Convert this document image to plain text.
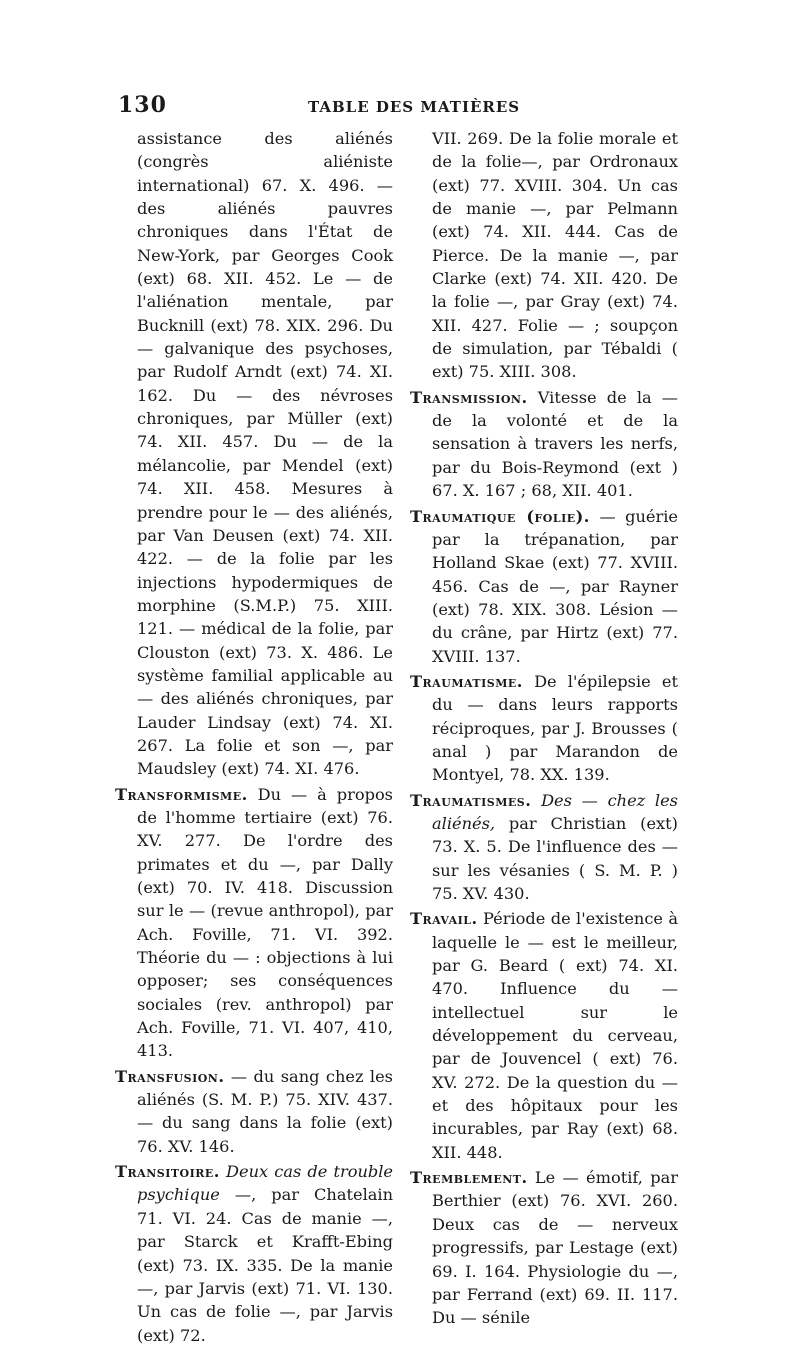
130	TABLE DES MATIÈRES

assistance des aliénés (congrès aliéniste international) 67. X. 496. — des aliénés pauvres chroniques dans l'État de New-York, par Georges Cook (ext) 68. XII. 452. Le — de l'aliénation mentale, par Bucknill (ext) 78. XIX. 296. Du — galvanique des psychoses, par Rudolf Arndt (ext) 74. XI. 162. Du — des névroses chroniques, par Müller (ext) 74. XII. 457. Du — de la mélancolie, par Mendel (ext) 74. XII. 458. Mesures à prendre pour le — des aliénés, par Van Deusen (ext) 74. XII. 422. — de la folie par les injections hypodermiques de morphine (S.M.P.) 75. XIII. 121. — médical de la folie, par Clouston (ext) 73. X. 486. Le système familial applicable au — des aliénés chroniques, par Lauder Lindsay (ext) 74. XI. 267. La folie et son —, par Maudsley (ext) 74. XI. 476.

Transformisme. Du — à propos de l'homme tertiaire (ext) 76. XV. 277. De l'ordre des primates et du —, par Dally (ext) 70. IV. 418. Discussion sur le — (revue anthropol), par Ach. Foville, 71. VI. 392. Théorie du — : objections à lui opposer; ses conséquences sociales (rev. anthropol) par Ach. Foville, 71. VI. 407, 410, 413.

Transfusion. — du sang chez les aliénés (S. M. P.) 75. XIV. 437. — du sang dans la folie (ext) 76. XV. 146.

Transitoire. Deux cas de trouble psychique —, par Chatelain 71. VI. 24. Cas de manie —, par Starck et Krafft-Ebing (ext) 73. IX. 335. De la manie —, par Jarvis (ext) 71. VI. 130. Un cas de folie —, par Jarvis (ext) 72.

VII. 269. De la folie morale et de la folie—, par Ordronaux (ext) 77. XVIII. 304. Un cas de manie —, par Pelmann (ext) 74. XII. 444. Cas de Pierce. De la manie —, par Clarke (ext) 74. XII. 420. De la folie —, par Gray (ext) 74. XII. 427. Folie — ; soupçon de simulation, par Tébaldi ( ext) 75. XIII. 308.

Transmission. Vitesse de la — de la volonté et de la sensation à travers les nerfs, par du Bois-Reymond (ext ) 67. X. 167 ; 68, XII. 401.

Traumatique (folie). — guérie par la trépanation, par Holland Skae (ext) 77. XVIII. 456. Cas de —, par Rayner (ext) 78. XIX. 308. Lésion — du crâne, par Hirtz (ext) 77. XVIII. 137.

Traumatisme. De l'épilepsie et du — dans leurs rapports réciproques, par J. Brousses ( anal ) par Marandon de Montyel, 78. XX. 139.

Traumatismes. Des — chez les aliénés, par Christian (ext) 73. X. 5. De l'influence des — sur les vésanies ( S. M. P. ) 75. XV. 430.

Travail. Période de l'existence à laquelle le — est le meilleur, par G. Beard ( ext) 74. XI. 470. Influence du — intellectuel sur le développement du cerveau, par de Jouvencel ( ext) 76. XV. 272. De la question du — et des hôpitaux pour les incurables, par Ray (ext) 68. XII. 448.

Tremblement. Le — émotif, par Berthier (ext) 76. XVI. 260. Deux cas de — nerveux progressifs, par Lestage (ext) 69. I. 164. Physiologie du —, par Ferrand (ext) 69. II. 117. Du — sénile
